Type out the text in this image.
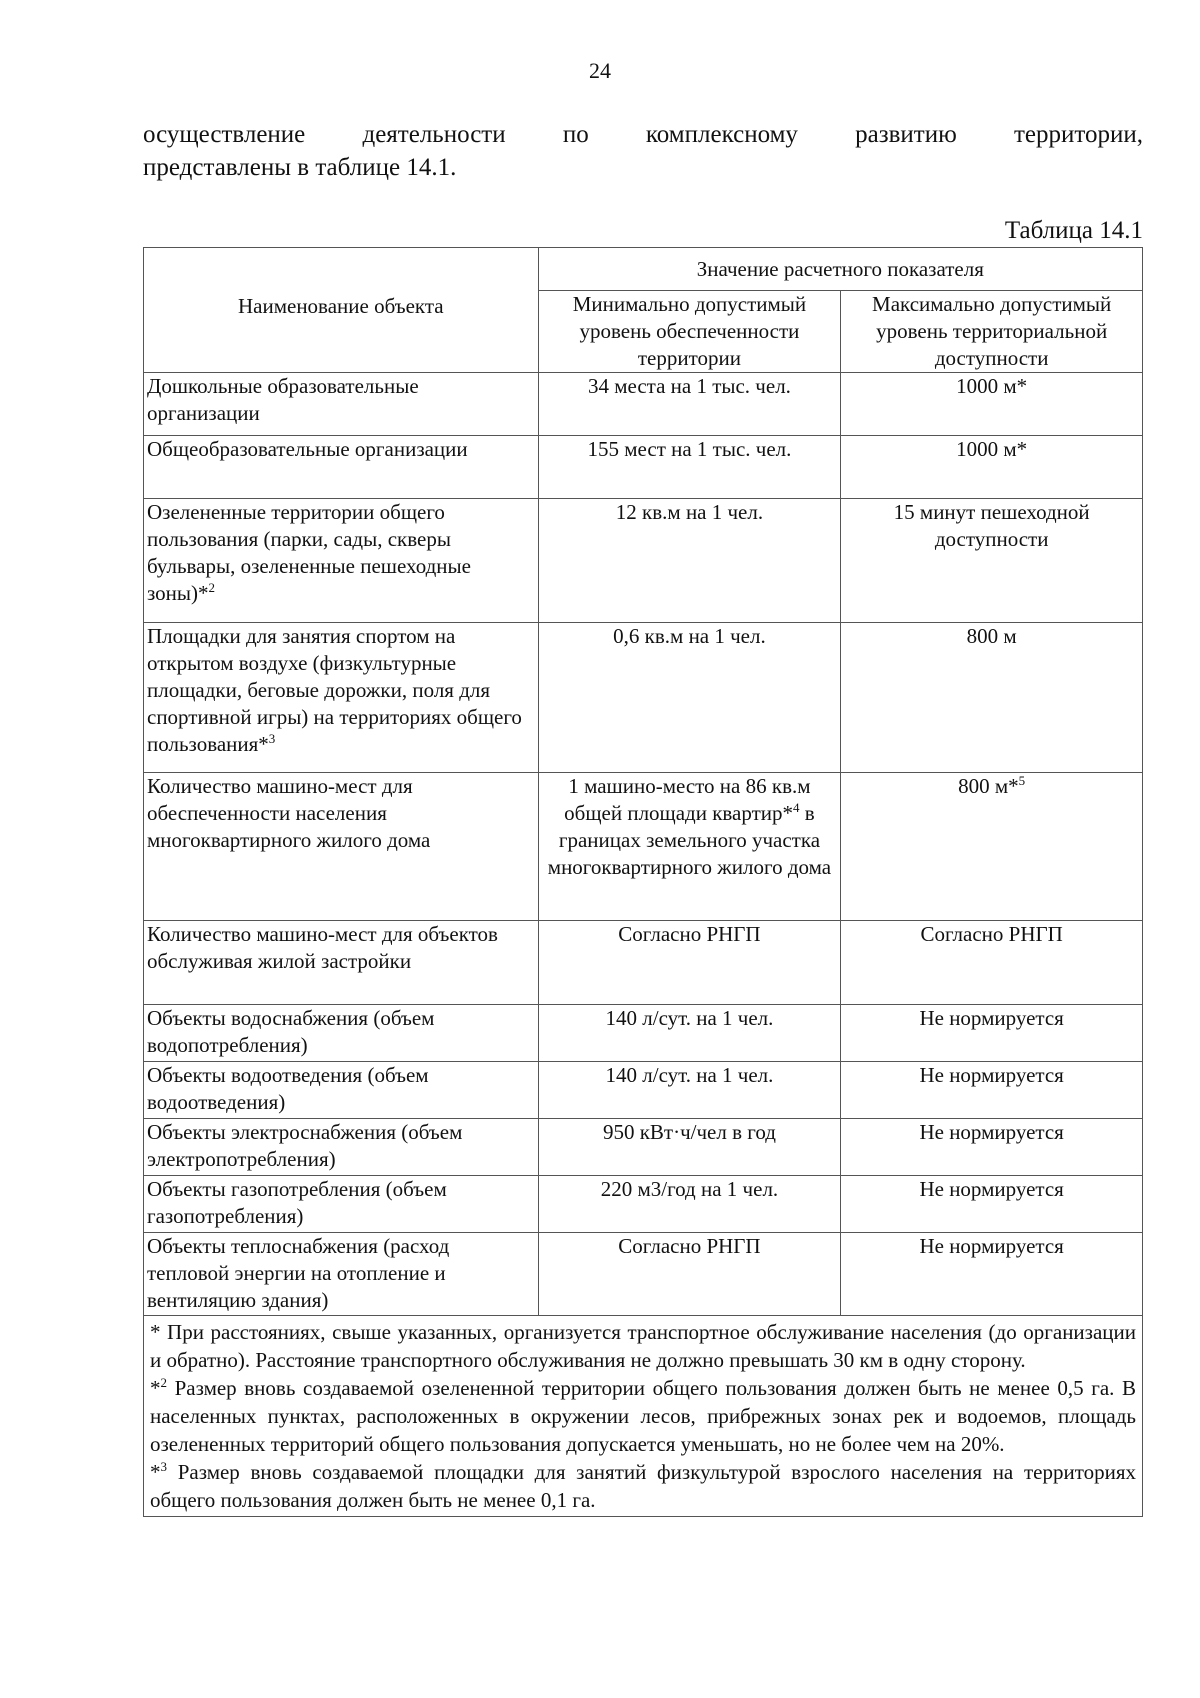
24
осуществление деятельности по комплексному развитию территории,
представлены в таблице 14.1.
Таблица 14.1
Наименование объекта	Значение расчетного показателя	
	Минимально допустимый уровень обеспеченности территории	Максимально допустимый уровень территориальной доступности
Дошкольные образовательные организации	34 места на 1 тыс. чел.	1000 м*
Общеобразовательные организации	155 мест на 1 тыс. чел.	1000 м*
Озелененные территории общего пользования (парки, сады, скверы бульвары, озелененные пешеходные зоны)*$^2$	12 кв.м на 1 чел.	15 минут пешеходной доступности
Площадки для занятия спортом на открытом воздухе (физкультурные площадки, беговые дорожки, поля для спортивной игры) на территориях общего пользования*$^3$	0,6 кв.м на 1 чел.	800 м
Количество машино-мест для обеспеченности населения многоквартирного жилого дома	1 машино-место на 86 кв.м общей площади квартир*$^4$ в границах земельного участка многоквартирного жилого дома	800 м*$^5$
Количество машино-мест для объектов обслуживая жилой застройки	Согласно РНГП	Согласно РНГП
Объекты водоснабжения (объем водопотребления)	140 л/сут. на 1 чел.	Не нормируется
Объекты водоотведения (объем водоотведения)	140 л/сут. на 1 чел.	Не нормируется
Объекты электроснабжения (объем электропотребления)	950 кВт·ч/чел в год	Не нормируется
Объекты газопотребления (объем газопотребления)	220 м3/год на 1 чел.	Не нормируется
Объекты теплоснабжения (расход тепловой энергии на отопление и вентиляцию здания)	Согласно РНГП	Не нормируется

* При расстояниях, свыше указанных, организуется транспортное обслуживание населения (до организации и обратно). Расстояние транспортного обслуживания не должно превышать 30 км в одну сторону.
*$^2$ Размер вновь создаваемой озелененной территории общего пользования должен быть не менее 0,5 га. В населенных пунктах, расположенных в окружении лесов, прибрежных зонах рек и водоемов, площадь озелененных территорий общего пользования допускается уменьшать, но не более чем на 20%.
*$^3$ Размер вновь создаваемой площадки для занятий физкультурой взрослого населения на территориях общего пользования должен быть не менее 0,1 га.		
